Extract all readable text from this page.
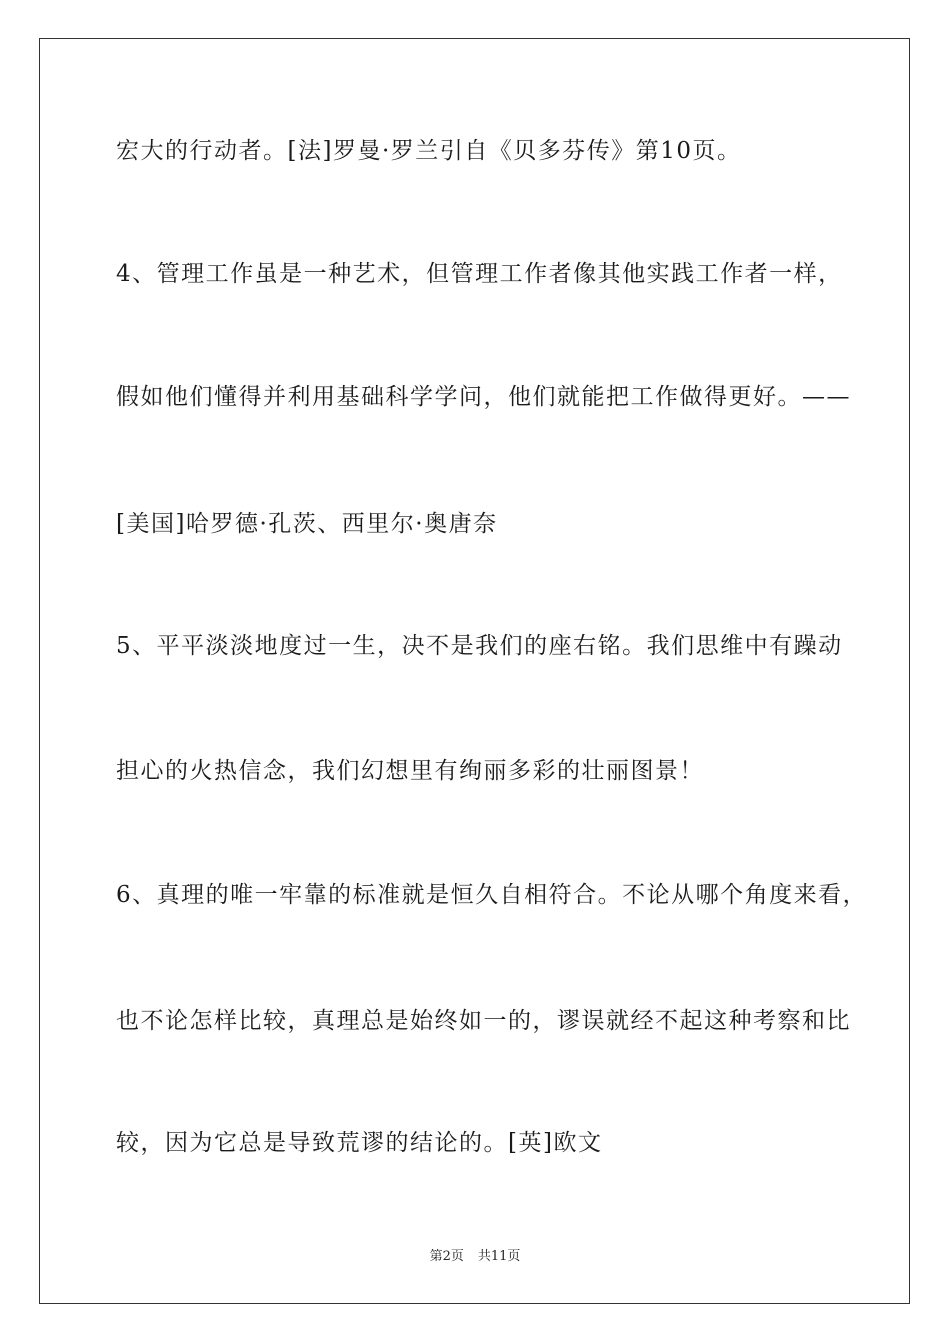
宏大的行动者。[法]罗曼·罗兰引自《贝多芬传》第10页。

4、管理工作虽是一种艺术，但管理工作者像其他实践工作者一样，

假如他们懂得并利用基础科学学问，他们就能把工作做得更好。——

[美国]哈罗德·孔茨、西里尔·奥唐奈

5、平平淡淡地度过一生，决不是我们的座右铭。我们思维中有躁动

担心的火热信念，我们幻想里有绚丽多彩的壮丽图景！

6、真理的唯一牢靠的标准就是恒久自相符合。不论从哪个角度来看，

也不论怎样比较，真理总是始终如一的，谬误就经不起这种考察和比

较，因为它总是导致荒谬的结论的。[英]欧文

第2页 共11页
